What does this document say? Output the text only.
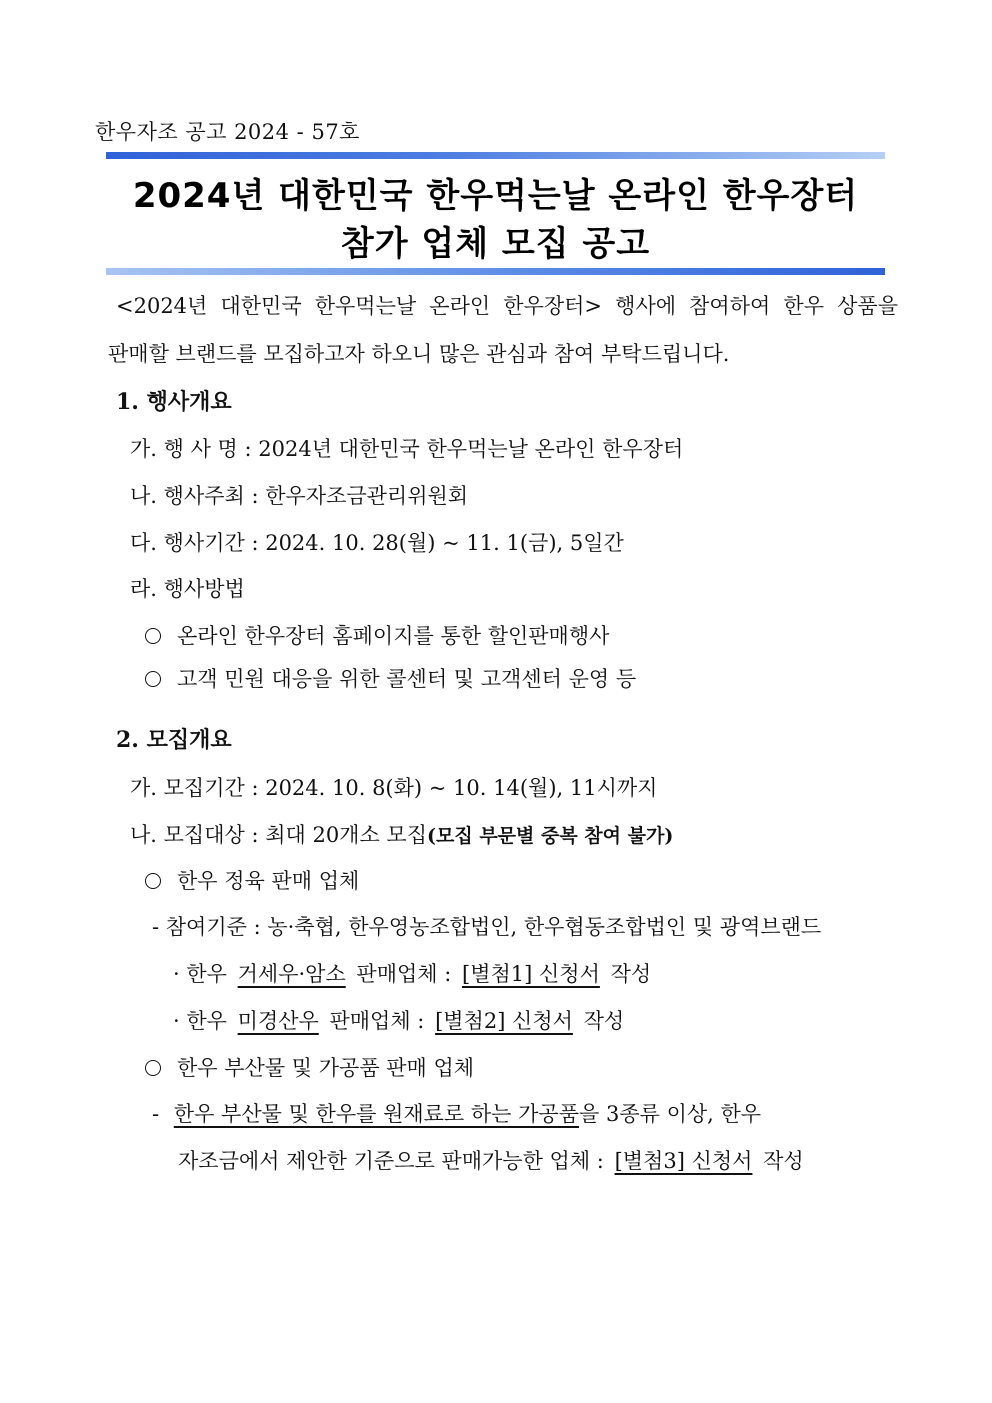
한우자조 공고 2024 - 57호
2024년 대한민국 한우먹는날 온라인 한우장터
참가 업체 모집 공고
<2024년 대한민국 한우먹는날 온라인 한우장터> 행사에 참여하여 한우 상품을
판매할 브랜드를 모집하고자 하오니 많은 관심과 참여 부탁드립니다.
1. 행사개요
가. 행 사 명 : 2024년 대한민국 한우먹는날 온라인 한우장터
나. 행사주최 : 한우자조금관리위원회
다. 행사기간 : 2024. 10. 28(월) ~ 11. 1(금), 5일간
라. 행사방법
온라인 한우장터 홈페이지를 통한 할인판매행사
고객 민원 대응을 위한 콜센터 및 고객센터 운영 등
2. 모집개요
가. 모집기간 : 2024. 10. 8(화) ~ 10. 14(월), 11시까지
나. 모집대상 : 최대 20개소 모집(모집 부문별 중복 참여 불가)
한우 정육 판매 업체
- 참여기준 : 농·축협, 한우영농조합법인, 한우협동조합법인 및 광역브랜드
· 한우 거세우·암소 판매업체 : [별첨1] 신청서 작성
· 한우 미경산우 판매업체 : [별첨2] 신청서 작성
한우 부산물 및 가공품 판매 업체
- 한우 부산물 및 한우를 원재료로 하는 가공품을 3종류 이상, 한우
자조금에서 제안한 기준으로 판매가능한 업체 : [별첨3] 신청서 작성
